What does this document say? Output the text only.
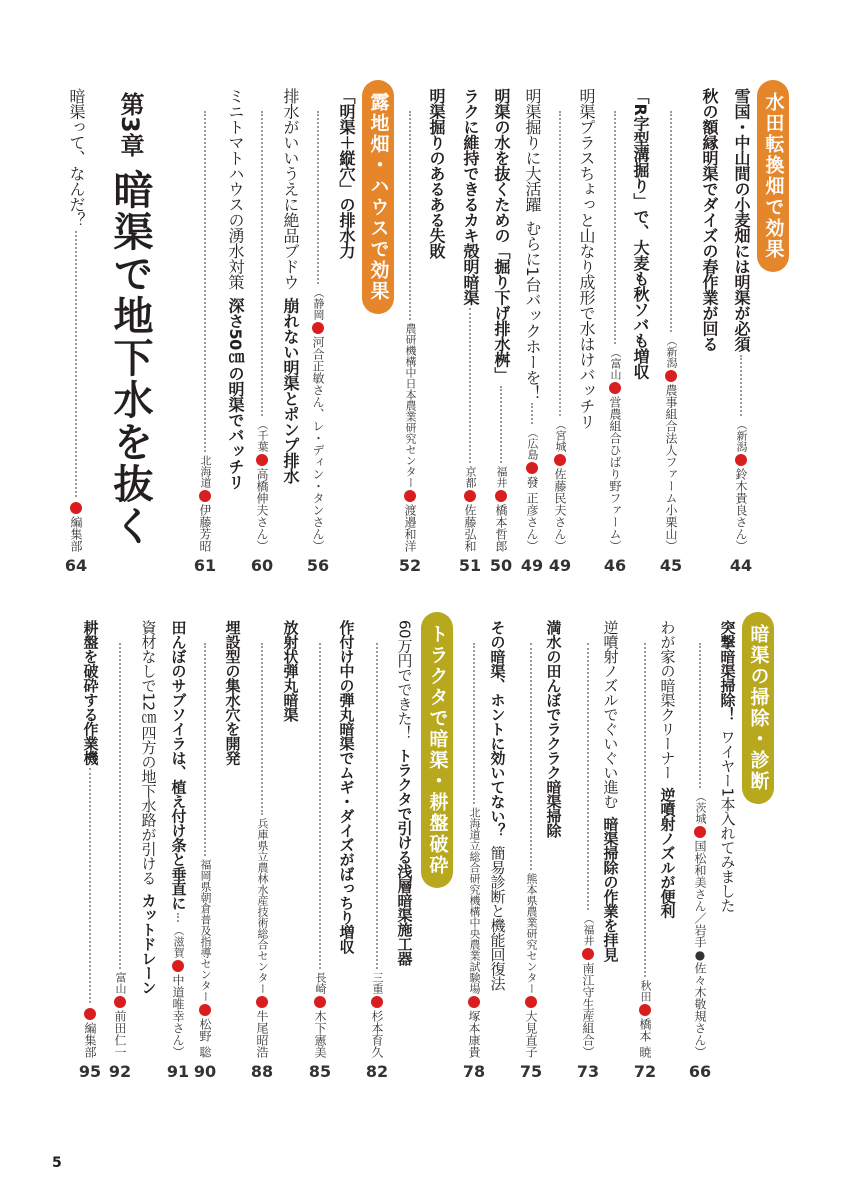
水田転換畑で効果
雪国・中山間の小麦畑には明渠が必須
（新潟鈴木貴良さん）
44
（新潟農事組合法人ファーム小栗山）
秋の額縁明渠でダイズの春作業が回る
45
（富山営農組合ひばり野ファーム）
「R字型溝掘り」で、大麦も秋ソバも増収
46
（宮城佐藤民夫さん）
明渠プラスちょっと山なり成形で水はけバッチリ
49
明渠掘りに大活躍むらに1台バックホーを！
（広島發 正彦さん）
49
明渠の水を抜くための「掘り下げ排水桝」
福井橋本哲郎
50
ラクに維持できるカキ殻明暗渠
京都佐藤弘和
51
農研機構中日本農業研究センター渡邉和洋
明渠掘りのあるある失敗
52
露地畑・ハウスで効果
（静岡河合正敏さん、レ・ディン・タンさん）
「明渠＋縦穴」の排水力
56
（千葉高橋伸夫さん）
排水がいいうえに絶品ブドウ崩れない明渠とポンプ排水
60
北海道伊藤芳昭
ミニトマトハウスの湧水対策深さ50㎝の明渠でバッチリ
61
第3章
暗渠で地下水を抜く
暗渠って、なんだ？
編集部
64
暗渠の掃除・診断
（茨城国松和美さん／岩手●佐々木敬規さん）
突撃暗渠掃除！ワイヤー1本入れてみました
66
秋田橋本 暁
わが家の暗渠クリーナー逆噴射ノズルが便利
72
（福井南江守生産組合）
逆噴射ノズルでぐいぐい進む暗渠掃除の作業を拝見
73
熊本県農業研究センター大見直子
満水の田んぼでラクラク暗渠掃除
75
北海道立総合研究機構中央農業試験場塚本康貴
その暗渠、ホントに効いてない？簡易診断と機能回復法
78
トラクタで暗渠・耕盤破砕
三重杉本育久
60万円でできた！トラクタで引ける浅層暗渠施工器
82
長崎木下憲美
作付け中の弾丸暗渠でムギ・ダイズがばっちり増収
85
兵庫県立農林水産技術総合センター牛尾昭浩
放射状弾丸暗渠
88
福岡県朝倉普及指導センター松野 聡
埋設型の集水穴を開発
90
田んぼのサブソイラは、植え付け条と垂直に
（滋賀中道唯幸さん）
91
富山前田仁一
資材なしで12㎝四方の地下水路が引けるカットドレーン
92
耕盤を破砕する作業機
編集部
95
5
